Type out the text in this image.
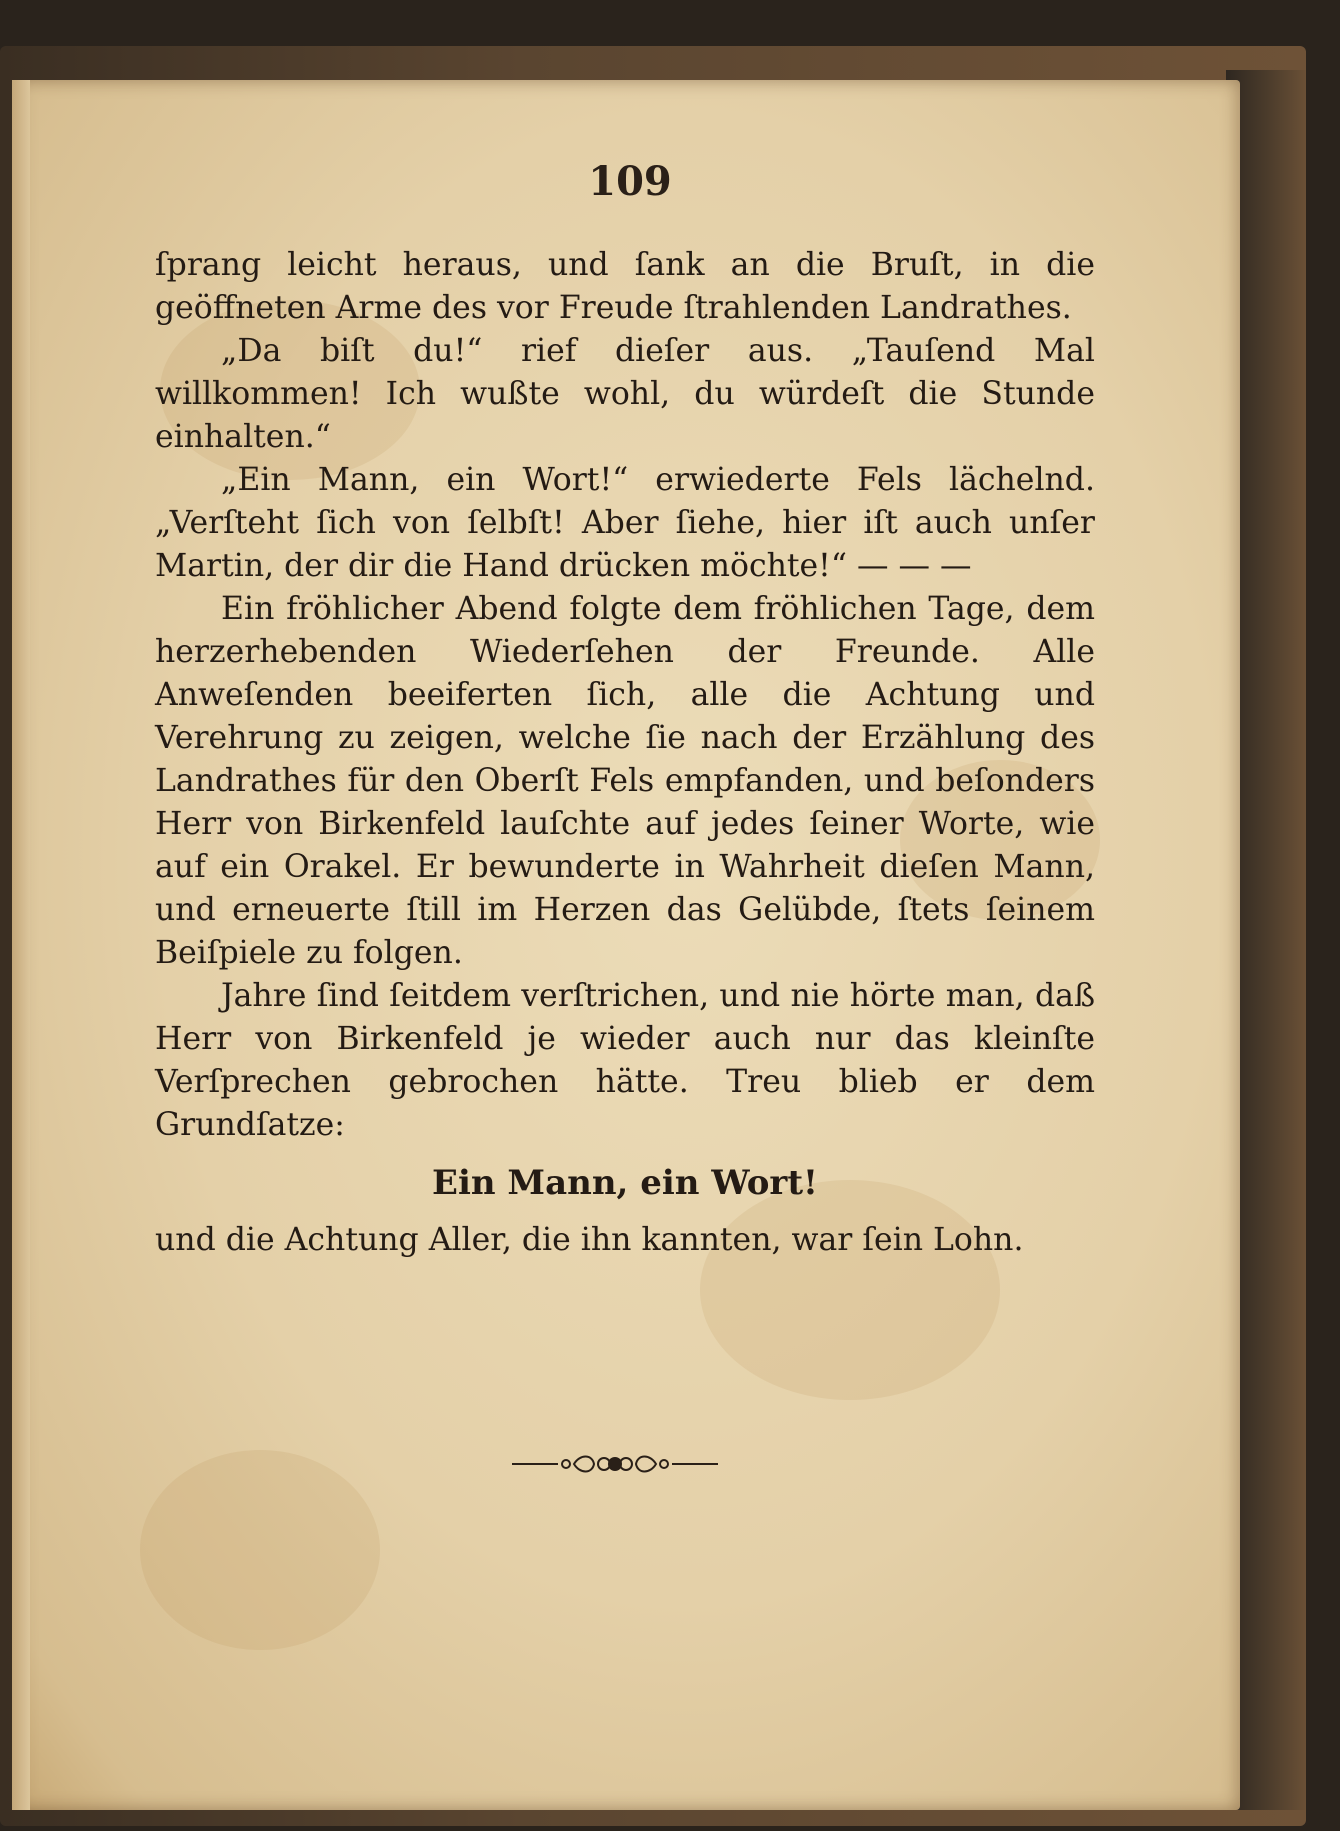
109

ſprang leicht heraus, und ſank an die Bruſt, in die geöffneten Arme des vor Freude ſtrahlenden Landrathes.

„Da biſt du!“ rief dieſer aus. „Tauſend Mal willkommen! Ich wußte wohl, du würdeſt die Stunde einhalten.“

„Ein Mann, ein Wort!“ erwiederte Fels lächelnd. „Verſteht ſich von ſelbſt! Aber ſiehe, hier iſt auch unſer Martin, der dir die Hand drücken möchte!“ — — —

Ein fröhlicher Abend folgte dem fröhlichen Tage, dem herzerhebenden Wiederſehen der Freunde. Alle Anweſenden beeiferten ſich, alle die Achtung und Verehrung zu zeigen, welche ſie nach der Erzählung des Landrathes für den Oberſt Fels empfanden, und beſonders Herr von Birkenfeld lauſchte auf jedes ſeiner Worte, wie auf ein Orakel. Er bewunderte in Wahrheit dieſen Mann, und erneuerte ſtill im Herzen das Gelübde, ſtets ſeinem Beiſpiele zu folgen.

Jahre ſind ſeitdem verſtrichen, und nie hörte man, daß Herr von Birkenfeld je wieder auch nur das kleinſte Verſprechen gebrochen hätte. Treu blieb er dem Grundſatze:

Ein Mann, ein Wort!

und die Achtung Aller, die ihn kannten, war ſein Lohn.
